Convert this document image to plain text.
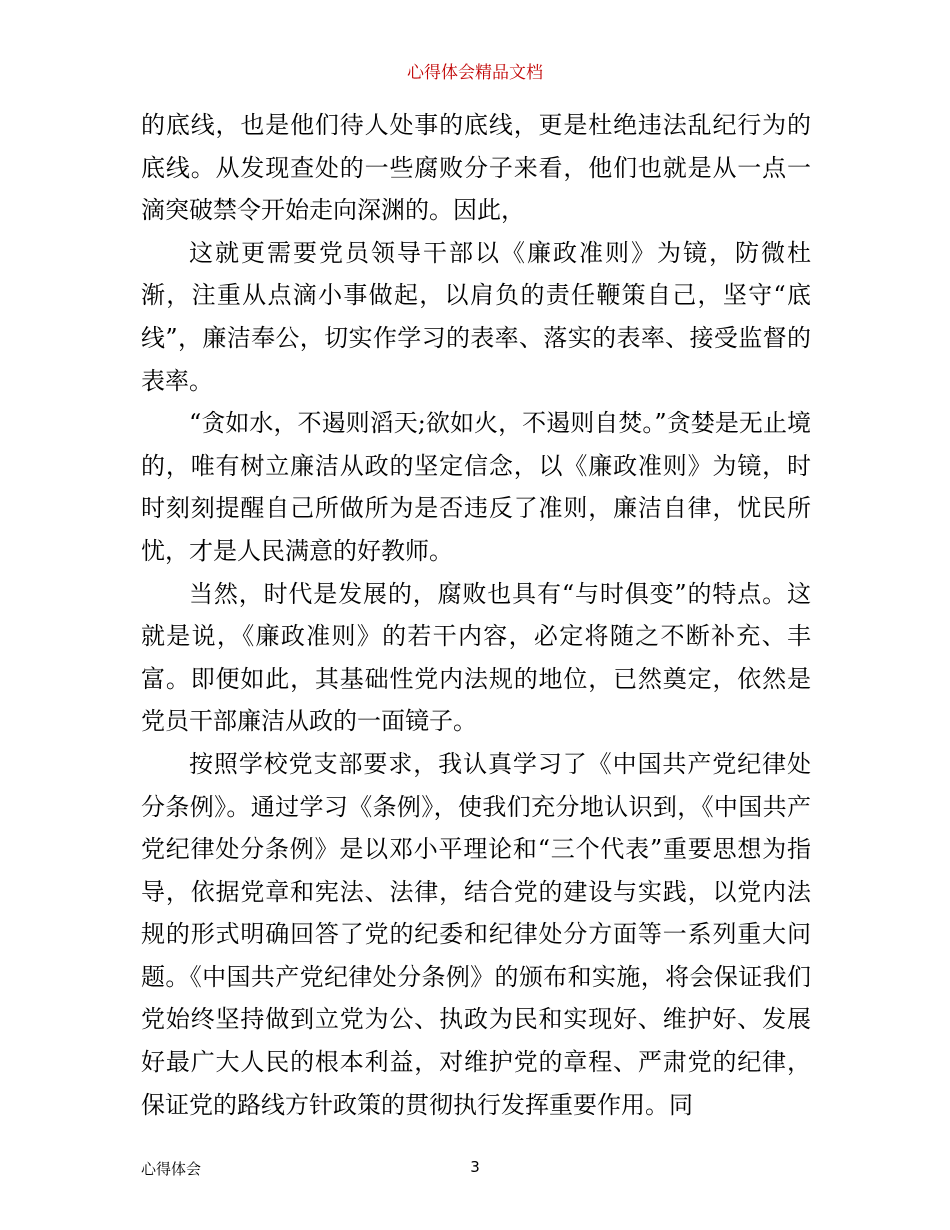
心得体会精品文档

的底线，也是他们待人处事的底线，更是杜绝违法乱纪行为的底线。从发现查处的一些腐败分子来看，他们也就是从一点一滴突破禁令开始走向深渊的。因此，

这就更需要党员领导干部以《廉政准则》为镜，防微杜渐，注重从点滴小事做起，以肩负的责任鞭策自己，坚守“底线”，廉洁奉公，切实作学习的表率、落实的表率、接受监督的表率。

“贪如水，不遏则滔天;欲如火，不遏则自焚。”贪婪是无止境的，唯有树立廉洁从政的坚定信念，以《廉政准则》为镜，时时刻刻提醒自己所做所为是否违反了准则，廉洁自律，忧民所忧，才是人民满意的好教师。

当然，时代是发展的，腐败也具有“与时俱变”的特点。这就是说，《廉政准则》的若干内容，必定将随之不断补充、丰富。即便如此，其基础性党内法规的地位，已然奠定，依然是党员干部廉洁从政的一面镜子。

按照学校党支部要求，我认真学习了《中国共产党纪律处分条例》。通过学习《条例》，使我们充分地认识到，《中国共产党纪律处分条例》是以邓小平理论和“三个代表”重要思想为指导，依据党章和宪法、法律，结合党的建设与实践，以党内法规的形式明确回答了党的纪委和纪律处分方面等一系列重大问题。《中国共产党纪律处分条例》的颁布和实施，将会保证我们党始终坚持做到立党为公、执政为民和实现好、维护好、发展好最广大人民的根本利益，对维护党的章程、严肃党的纪律，保证党的路线方针政策的贯彻执行发挥重要作用。同

心得体会	3
